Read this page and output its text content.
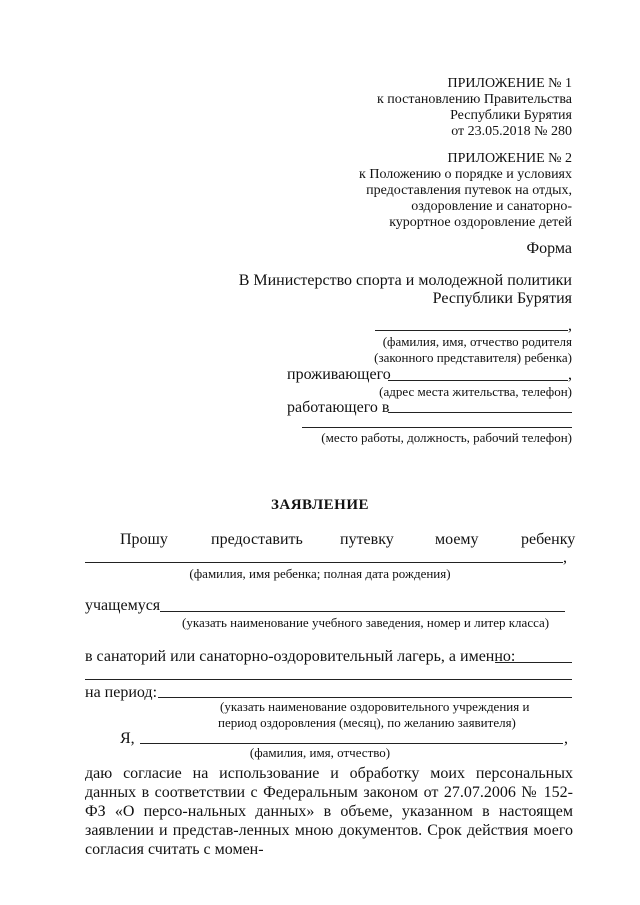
ПРИЛОЖЕНИЕ № 1
к постановлению Правительства
Республики Бурятия
от 23.05.2018 № 280
ПРИЛОЖЕНИЕ № 2
к Положению о порядке и условиях
предоставления путевок на отдых,
оздоровление и санаторно-
курортное оздоровление детей
Форма
В Министерство спорта и молодежной политики
Республики Бурятия
,
(фамилия, имя, отчество родителя
(законного представителя) ребенка)
проживающего	,
(адрес места жительства, телефон)
работающего в
(место работы, должность, рабочий телефон)
ЗАЯВЛЕНИЕ
Прошу	предоставить путевку	моему	ребенку
,
(фамилия, имя ребенка; полная дата рождения)
учащемуся
(указать наименование учебного заведения, номер и литер класса)
в санаторий или санаторно-оздоровительный лагерь, а именно:
на период:
(указать наименование оздоровительного учреждения и
период оздоровления (месяц), по желанию заявителя)
Я,	,
(фамилия, имя, отчество)
даю согласие на использование и обработку моих персональных данных в соответствии с Федеральным законом от 27.07.2006 № 152-ФЗ «О персо-нальных данных» в объеме, указанном в настоящем заявлении и представ-ленных мною документов. Срок действия моего согласия считать с момен-
